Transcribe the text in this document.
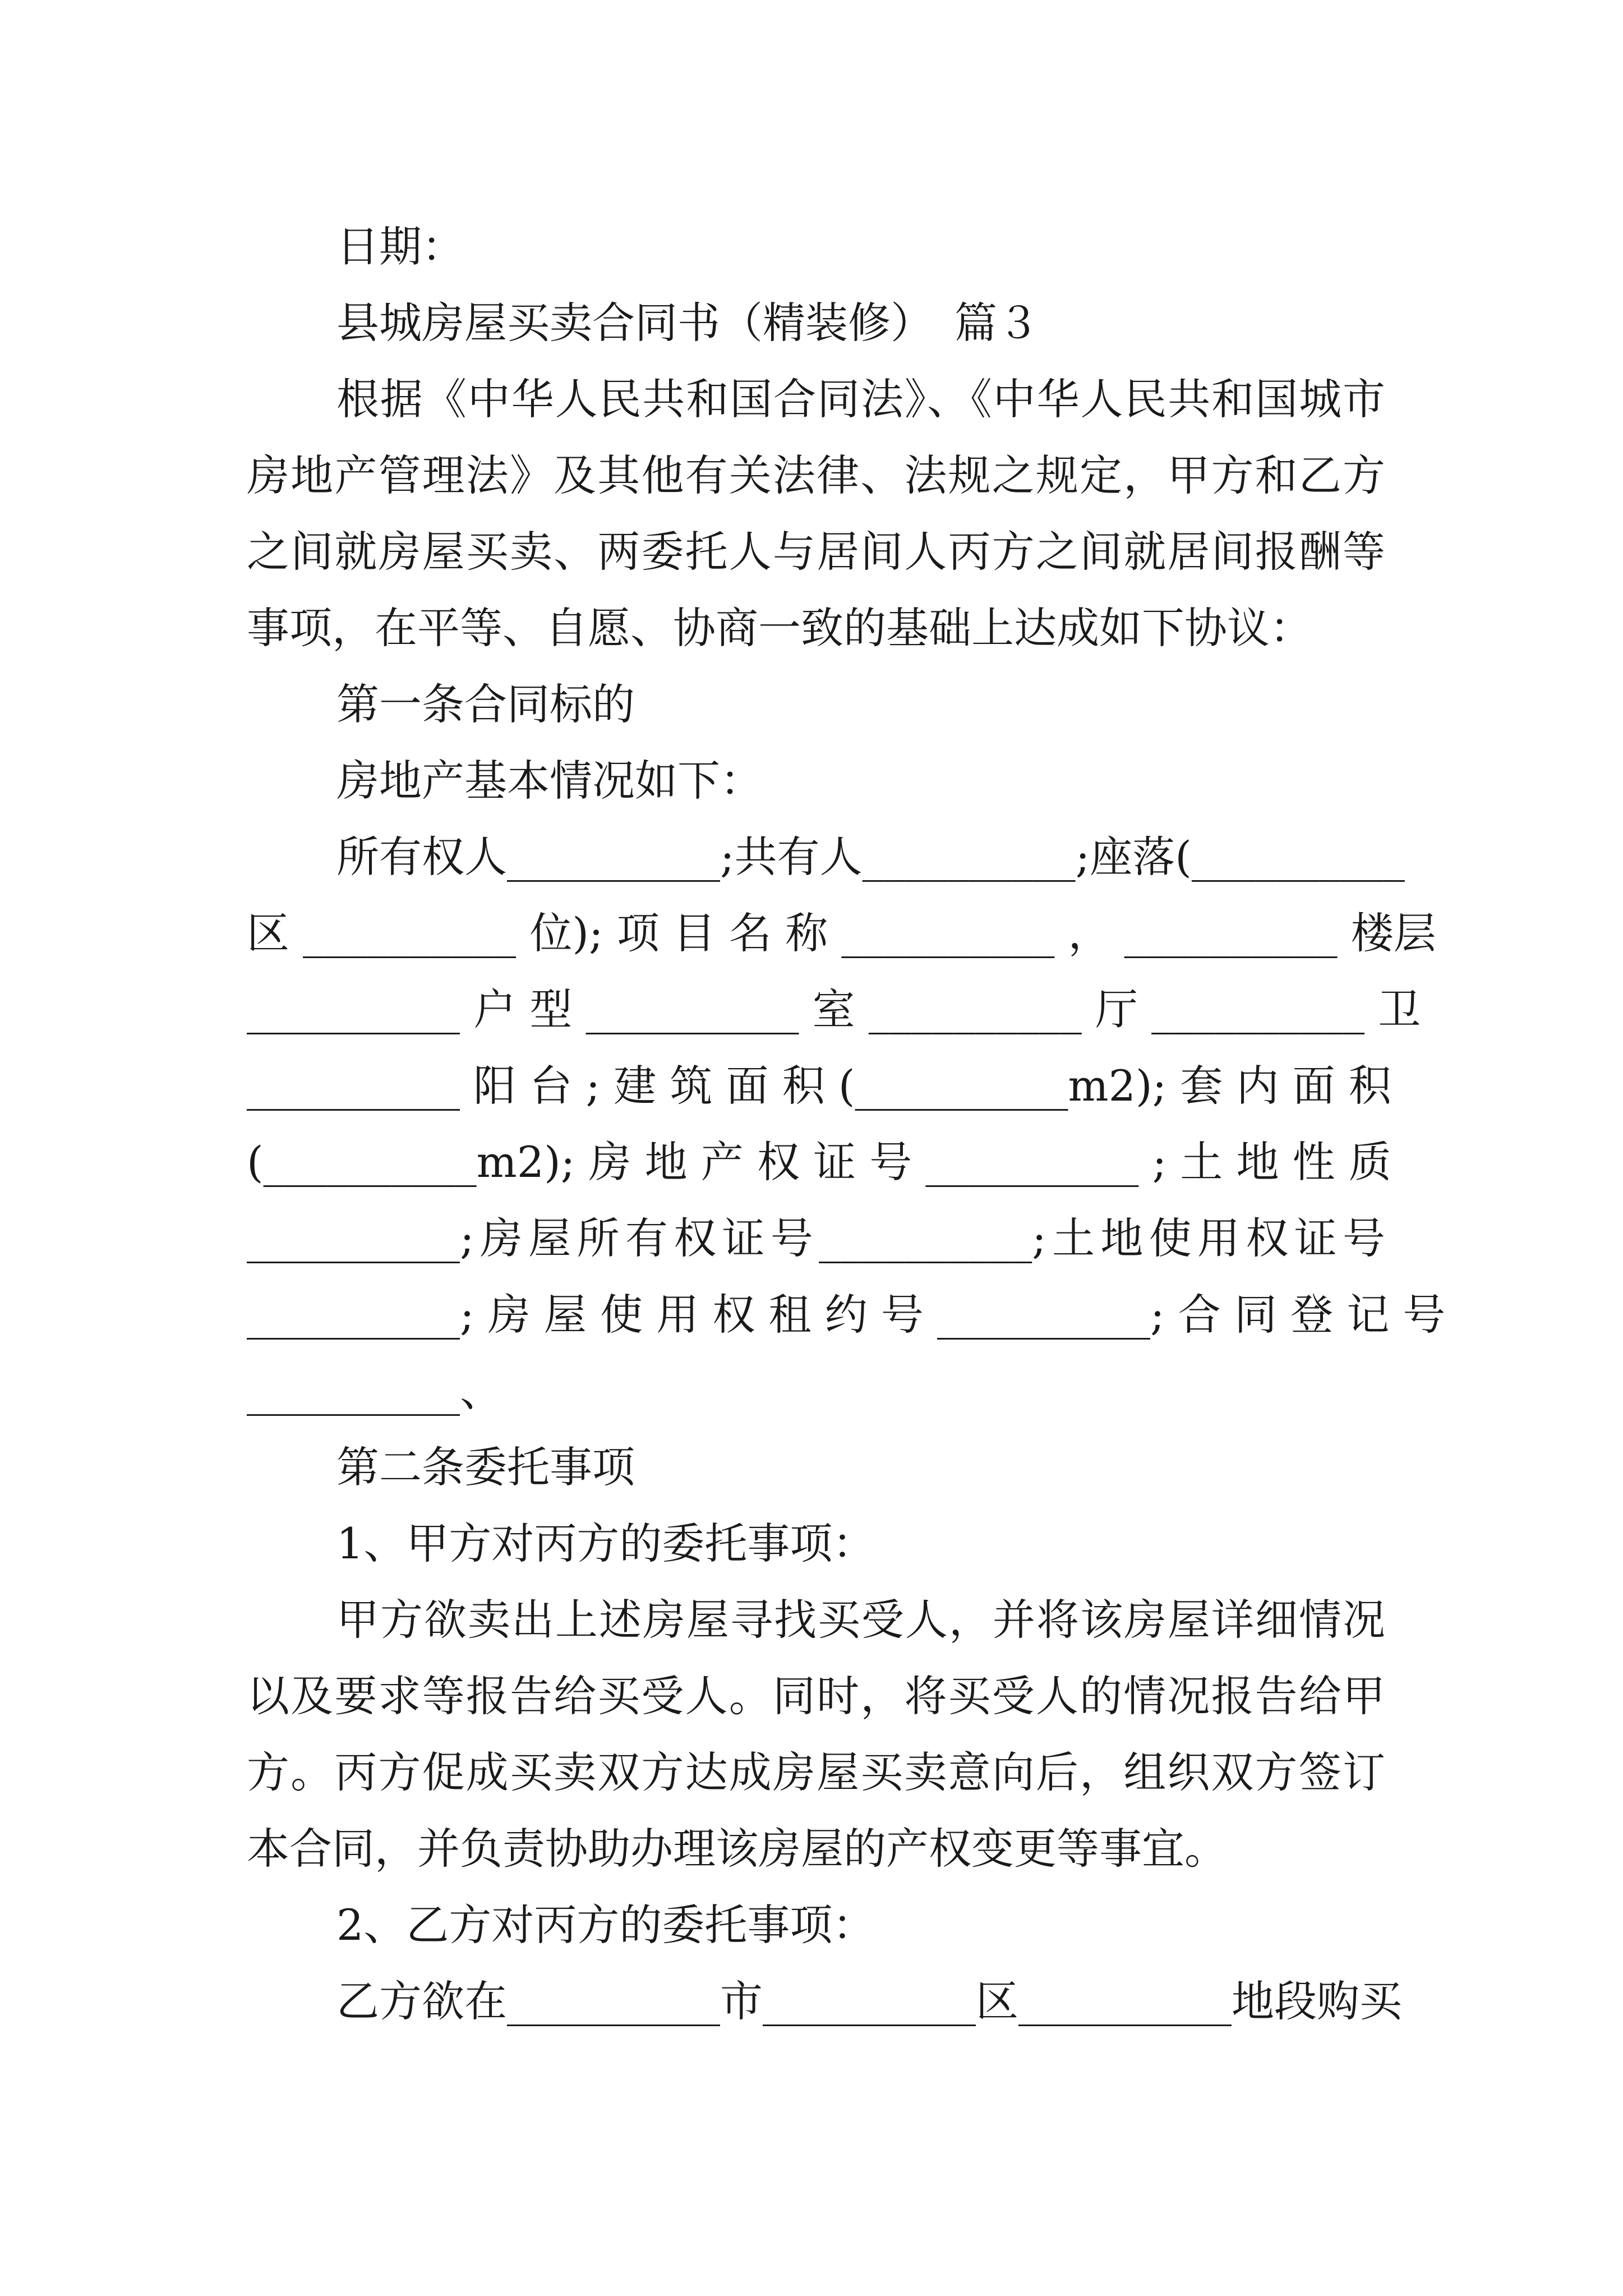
日期：
县城房屋买卖合同书（精装修）　篇３
根据《中华人民共和国合同法》、《中华人民共和国城市
房地产管理法》及其他有关法律、法规之规定，甲方和乙方
之间就房屋买卖、两委托人与居间人丙方之间就居间报酬等
事项，在平等、自愿、协商一致的基础上达成如下协议：
第一条合同标的
房地产基本情况如下：
所有权人__________;共有人__________;座落(__________
区 __________ 位); 项 目 名 称 __________ ， __________ 楼层
__________ 户 型 __________ 室 __________ 厅 __________ 卫
__________ 阳 台 ; 建 筑 面 积 (__________m2); 套 内 面 积
(__________m2); 房 地 产 权 证 号 __________ ; 土 地 性 质
__________;房屋所有权证号__________;土地使用权证号
__________; 房 屋 使 用 权 租 约 号 __________; 合 同 登 记 号
__________、
第二条委托事项
1、甲方对丙方的委托事项：
甲方欲卖出上述房屋寻找买受人，并将该房屋详细情况
以及要求等报告给买受人。同时，将买受人的情况报告给甲
方。丙方促成买卖双方达成房屋买卖意向后，组织双方签订
本合同，并负责协助办理该房屋的产权变更等事宜。
2、乙方对丙方的委托事项：
乙方欲在__________市__________区__________地段购买
